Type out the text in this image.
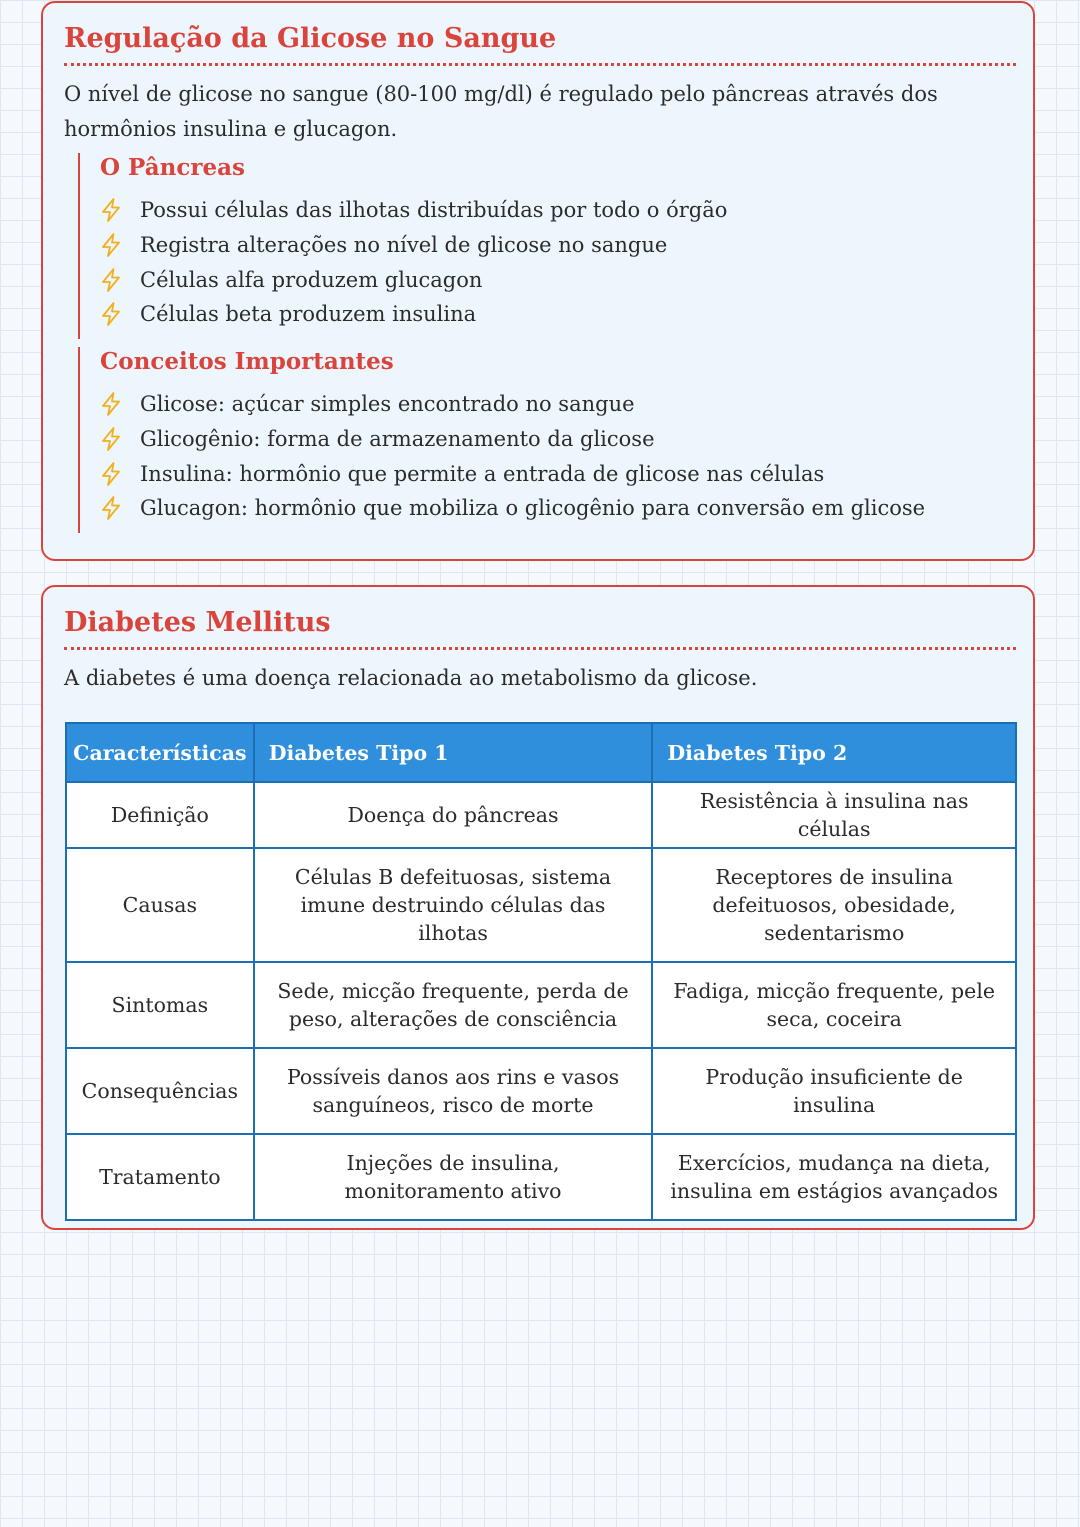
Regulação da Glicose no Sangue

O nível de glicose no sangue (80-100 mg/dl) é regulado pelo pâncreas através dos hormônios insulina e glucagon.

O Pâncreas
Possui células das ilhotas distribuídas por todo o órgão
Registra alterações no nível de glicose no sangue
Células alfa produzem glucagon
Células beta produzem insulina
Conceitos Importantes
Glicose: açúcar simples encontrado no sangue
Glicogênio: forma de armazenamento da glicose
Insulina: hormônio que permite a entrada de glicose nas células
Glucagon: hormônio que mobiliza o glicogênio para conversão em glicose
Diabetes Mellitus

A diabetes é uma doença relacionada ao metabolismo da glicose.

Características	Diabetes Tipo 1	Diabetes Tipo 2
Definição	Doença do pâncreas	Resistência à insulina nas células
Causas	Células B defeituosas, sistema imune destruindo células das ilhotas	Receptores de insulina defeituosos, obesidade, sedentarismo
Sintomas	Sede, micção frequente, perda de peso, alterações de consciência	Fadiga, micção frequente, pele seca, coceira
Consequências	Possíveis danos aos rins e vasos sanguíneos, risco de morte	Produção insuficiente de insulina
Tratamento	Injeções de insulina, monitoramento ativo	Exercícios, mudança na dieta, insulina em estágios avançados
